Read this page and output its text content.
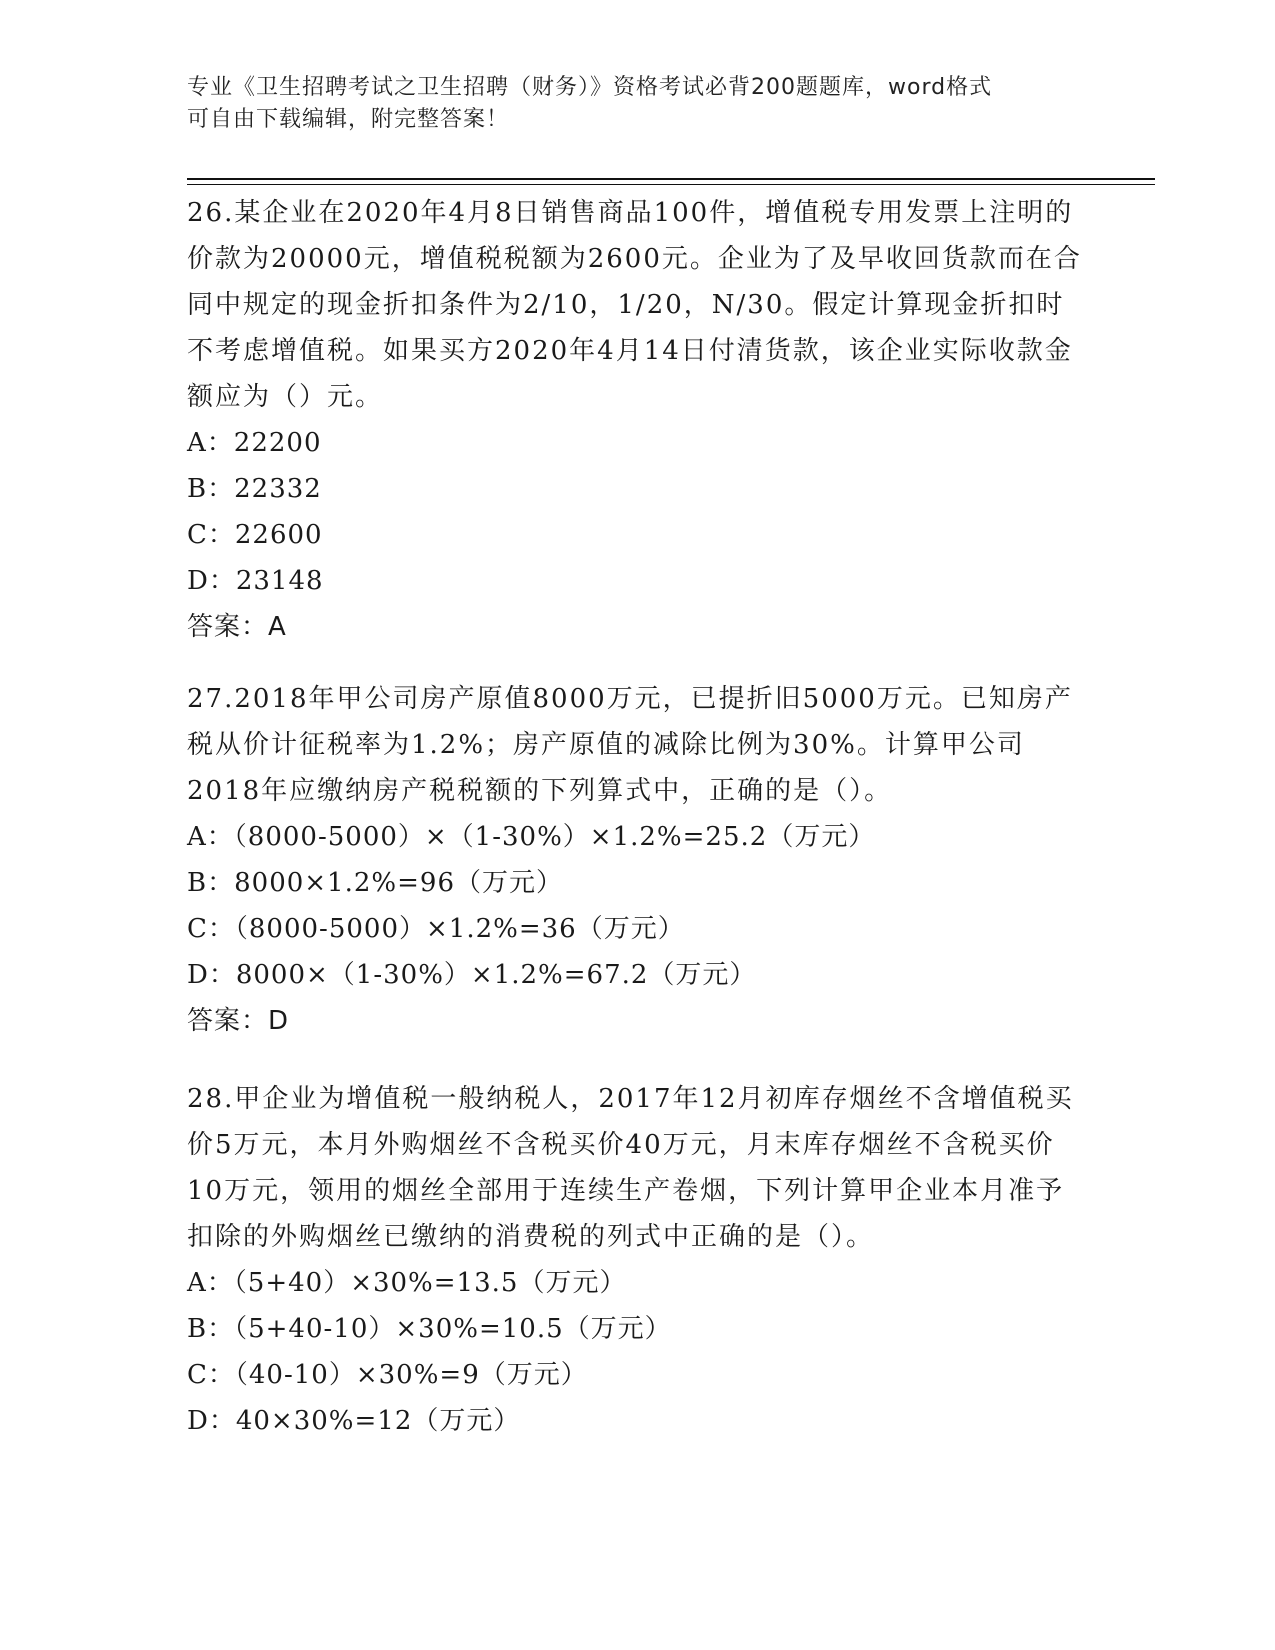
专业《卫生招聘考试之卫生招聘（财务）》资格考试必背200题题库，word格式
可自由下载编辑，附完整答案！

26.某企业在2020年4月8日销售商品100件，增值税专用发票上注明的价款为20000元，增值税税额为2600元。企业为了及早收回货款而在合同中规定的现金折扣条件为2/10，1/20，N/30。假定计算现金折扣时不考虑增值税。如果买方2020年4月14日付清货款，该企业实际收款金额应为（）元。

A：22200

B：22332

C：22600

D：23148

答案：A

27.2018年甲公司房产原值8000万元，已提折旧5000万元。已知房产税从价计征税率为1.2%；房产原值的减除比例为30%。计算甲公司2018年应缴纳房产税税额的下列算式中，正确的是（）。

A：（8000-5000）×（1-30%）×1.2%=25.2（万元）

B：8000×1.2%=96（万元）

C：（8000-5000）×1.2%=36（万元）

D：8000×（1-30%）×1.2%=67.2（万元）

答案：D

28.甲企业为增值税一般纳税人，2017年12月初库存烟丝不含增值税买价5万元，本月外购烟丝不含税买价40万元，月末库存烟丝不含税买价10万元，领用的烟丝全部用于连续生产卷烟，下列计算甲企业本月准予扣除的外购烟丝已缴纳的消费税的列式中正确的是（）。

A：（5+40）×30%=13.5（万元）

B：（5+40-10）×30%=10.5（万元）

C：（40-10）×30%=9（万元）

D：40×30%=12（万元）
